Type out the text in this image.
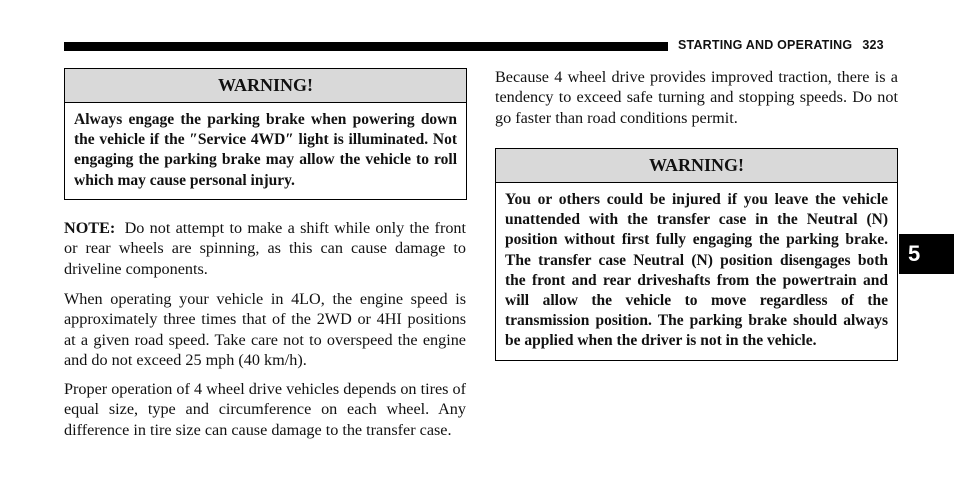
STARTING AND OPERATING 323
WARNING!
Always engage the parking brake when powering down the vehicle if the ″Service 4WD″ light is illuminated. Not engaging the parking brake may allow the vehicle to roll which may cause personal injury.
NOTE: Do not attempt to make a shift while only the front or rear wheels are spinning, as this can cause damage to driveline components.
When operating your vehicle in 4LO, the engine speed is approximately three times that of the 2WD or 4HI positions at a given road speed. Take care not to overspeed the engine and do not exceed 25 mph (40 km/h).
Proper operation of 4 wheel drive vehicles depends on tires of equal size, type and circumference on each wheel. Any difference in tire size can cause damage to the transfer case.
Because 4 wheel drive provides improved traction, there is a tendency to exceed safe turning and stopping speeds. Do not go faster than road conditions permit.
WARNING!
You or others could be injured if you leave the vehicle unattended with the transfer case in the Neutral (N) position without first fully engaging the parking brake. The transfer case Neutral (N) position disengages both the front and rear driveshafts from the powertrain and will allow the vehicle to move regardless of the transmission position. The parking brake should always be applied when the driver is not in the vehicle.
5
